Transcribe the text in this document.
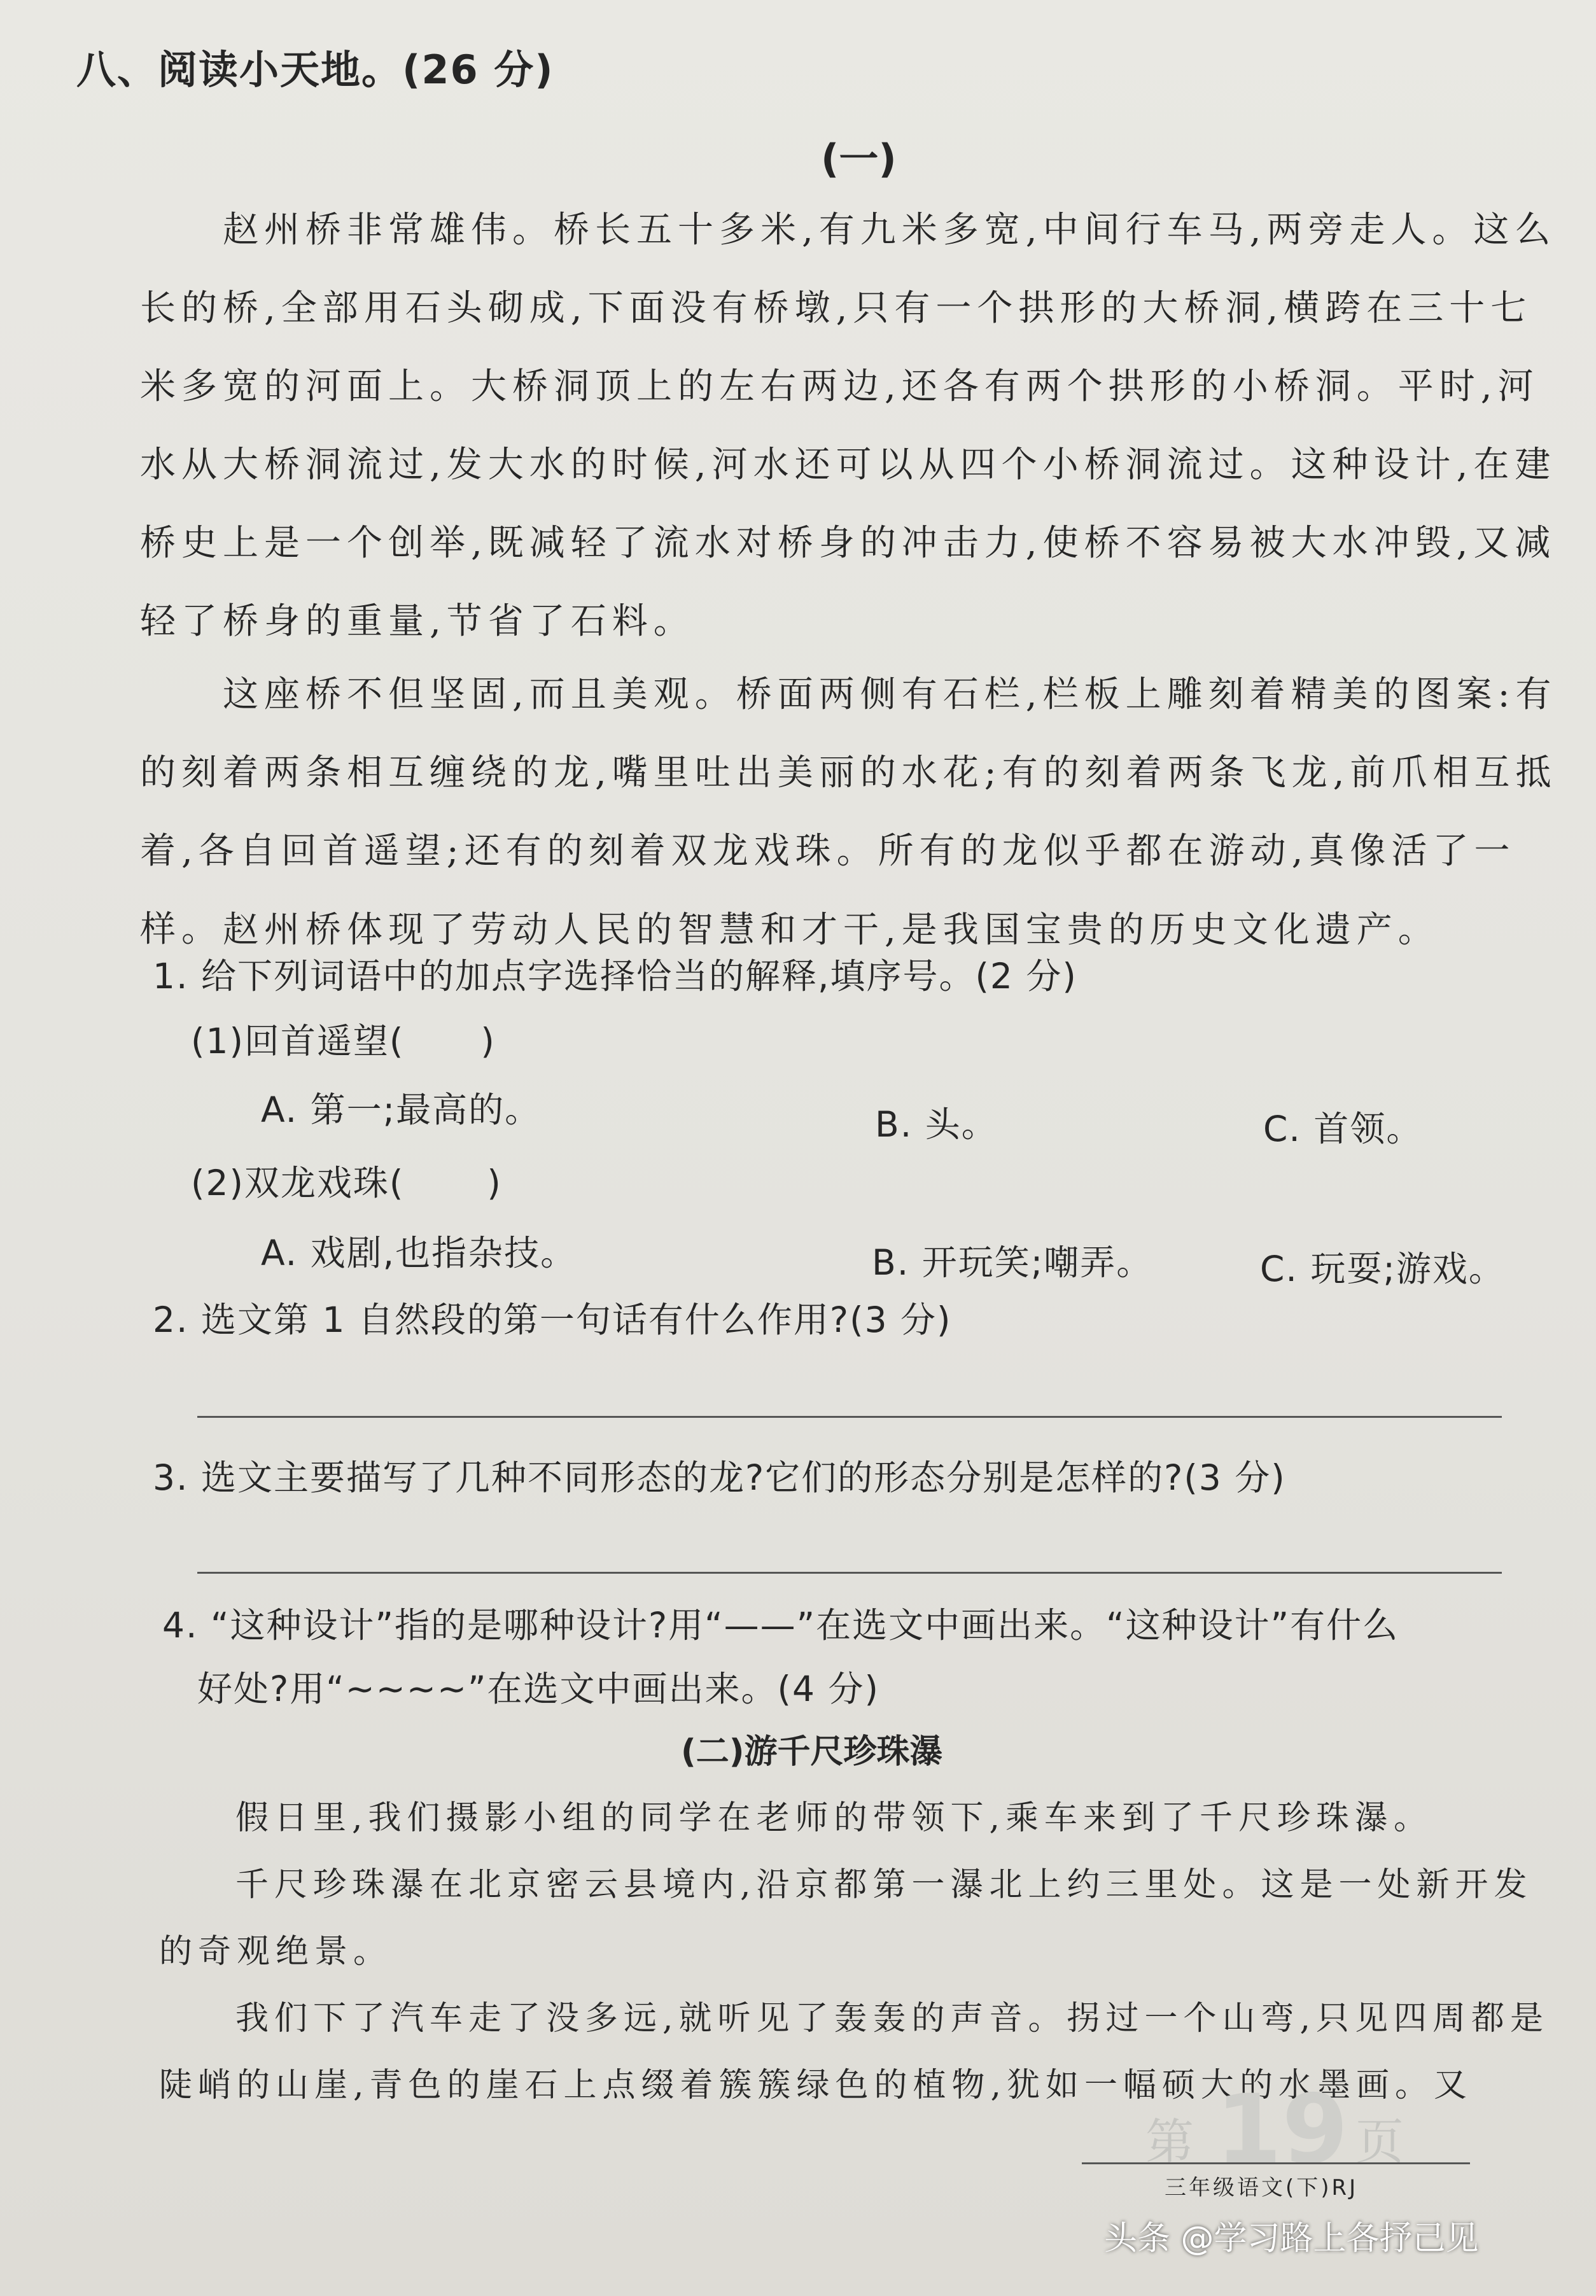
八、阅读小天地。(26 分)
(一)

赵州桥非常雄伟。桥长五十多米,有九米多宽,中间行车马,两旁走人。这么长的桥,全部用石头砌成,下面没有桥墩,只有一个拱形的大桥洞,横跨在三十七米多宽的河面上。大桥洞顶上的左右两边,还各有两个拱形的小桥洞。平时,河水从大桥洞流过,发大水的时候,河水还可以从四个小桥洞流过。这种设计,在建桥史上是一个创举,既减轻了流水对桥身的冲击力,使桥不容易被大水冲毁,又减轻了桥身的重量,节省了石料。

这座桥不但坚固,而且美观。桥面两侧有石栏,栏板上雕刻着精美的图案:有的刻着两条相互缠绕的龙,嘴里吐出美丽的水花;有的刻着两条飞龙,前爪相互抵着,各自回首遥望;还有的刻着双龙戏珠。所有的龙似乎都在游动,真像活了一样。 赵州桥体现了劳动人民的智慧和才干,是我国宝贵的历史文化遗产。

1. 给下列词语中的加点字选择恰当的解释,填序号。(2 分)
(1)回首遥望( )
A. 第一;最高的。	B. 头。	C. 首领。
(2)双龙戏珠( )
A. 戏剧,也指杂技。	B. 开玩笑;嘲弄。	C. 玩耍;游戏。
2. 选文第 1 自然段的第一句话有什么作用?(3 分)
3. 选文主要描写了几种不同形态的龙?它们的形态分别是怎样的?(3 分)
4. “这种设计”指的是哪种设计?用“——”在选文中画出来。“这种设计”有什么
好处?用“~~~~”在选文中画出来。(4 分)
(二)游千尺珍珠瀑

假日里,我们摄影小组的同学在老师的带领下,乘车来到了千尺珍珠瀑。

千尺珍珠瀑在北京密云县境内,沿京都第一瀑北上约三里处。这是一处新开发的奇观绝景。

我们下了汽车走了没多远,就听见了轰轰的声音。拐过一个山弯,只见四周都是陡峭的山崖,青色的崖石上点缀着簇簇绿色的植物,犹如一幅硕大的水墨画。又

第 19 页
三年级语文(下)RJ
头条 @学习路上各抒己见
